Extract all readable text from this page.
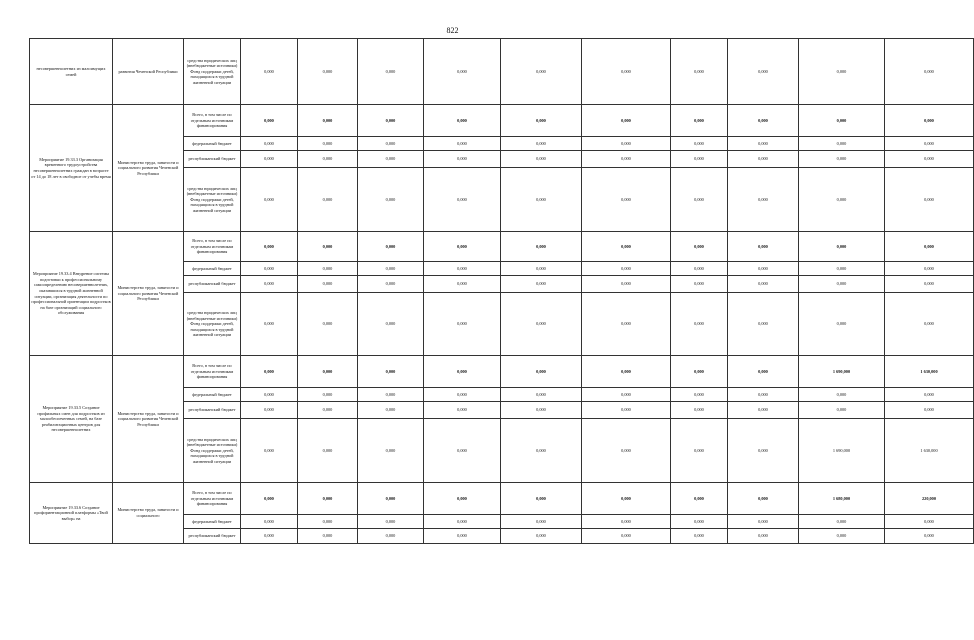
822
несовершеннолетних из малоимущих семей	развития Чеченской Республики	средства юридических лиц (внебюджетные источники) Фонд поддержки детей, находящихся в трудной жизненной ситуации	0,000	0,000	0,000	0,000	0,000	0,000	0,000	0,000	0,000	0,000	
Мероприятие 19.33.3 Организация временного трудоустройства несовершеннолетних граждан в возрасте от 14 до 18 лет в свободное от учебы время	Министерство труда, занятости и социального развития Чеченской Республики	Всего, в том числе по отдельным источникам финансирования	0,000	0,000	0,000	0,000	0,000	0,000	0,000	0,000	0,000	0,000	
		федеральный бюджет	0,000	0,000	0,000	0,000	0,000	0,000	0,000	0,000	0,000	0,000	
		республиканский бюджет	0,000	0,000	0,000	0,000	0,000	0,000	0,000	0,000	0,000	0,000	
		средства юридических лиц (внебюджетные источники) Фонд поддержки детей, находящихся в трудной жизненной ситуации	0,000	0,000	0,000	0,000	0,000	0,000	0,000	0,000	0,000	0,000	
Мероприятие 19.33.4 Внедрение системы подготовки к профессиональному самоопределению несовершеннолетних, оказавшихся в трудной жизненной ситуации, организация деятельности по профессиональной ориентации подростков на базе организаций социального обслуживания	Министерство труда, занятости и социального развития Чеченской Республики	Всего, в том числе по отдельным источникам финансирования	0,000	0,000	0,000	0,000	0,000	0,000	0,000	0,000	0,000	0,000	
		федеральный бюджет	0,000	0,000	0,000	0,000	0,000	0,000	0,000	0,000	0,000	0,000	
		республиканский бюджет	0,000	0,000	0,000	0,000	0,000	0,000	0,000	0,000	0,000	0,000	
		средства юридических лиц (внебюджетные источники) Фонд поддержки детей, находящихся в трудной жизненной ситуации	0,000	0,000	0,000	0,000	0,000	0,000	0,000	0,000	0,000	0,000	
Мероприятие 19.33.5 Создание профильных смен для подростков из малообеспеченных семей, на базе реабилитационных центров для несовершеннолетних	Министерство труда, занятости и социального развития Чеченской Республики	Всего, в том числе по отдельным источникам финансирования	0,000	0,000	0,000	0,000	0,000	0,000	0,000	0,000	1 690,000	1 630,000	
		федеральный бюджет	0,000	0,000	0,000	0,000	0,000	0,000	0,000	0,000	0,000	0,000	
		республиканский бюджет	0,000	0,000	0,000	0,000	0,000	0,000	0,000	0,000	0,000	0,000	
		средства юридических лиц (внебюджетные источники) Фонд поддержки детей, находящихся в трудной жизненной ситуации	0,000	0,000	0,000	0,000	0,000	0,000	0,000	0,000	1 690,000	1 630,000	
Мероприятие 19.33.6 Создание профориентационной платформы «Твой выбор» на	Министерство труда, занятости и социального	Всего, в том числе по отдельным источникам финансирования	0,000	0,000	0,000	0,000	0,000	0,000	0,000	0,000	1 680,000	220,000	
		федеральный бюджет	0,000	0,000	0,000	0,000	0,000	0,000	0,000	0,000	0,000	0,000	
		республиканский бюджет	0,000	0,000	0,000	0,000	0,000	0,000	0,000	0,000	0,000	0,000	
